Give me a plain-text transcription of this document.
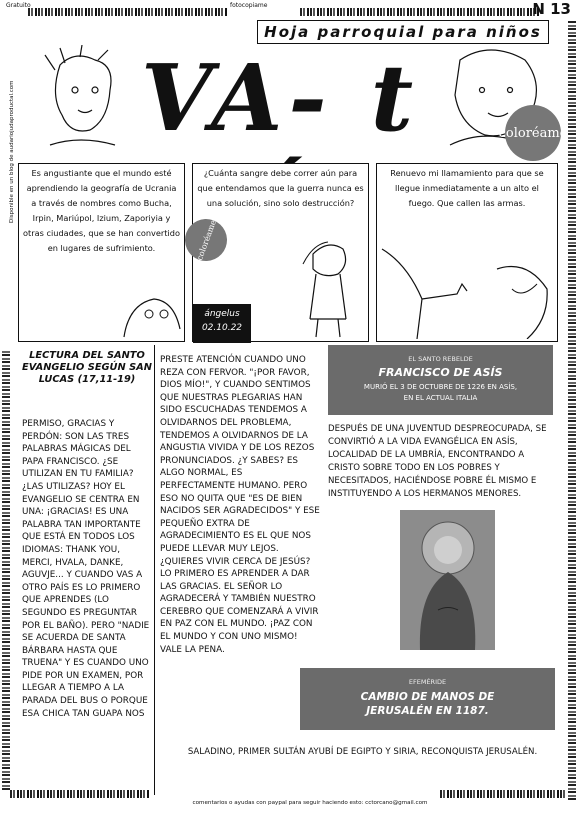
Gratuito	fotocopiame	N 13
Hoja parroquial para niños
Disponible en un blog de audariojudaproductal.com	VA- t	coloréame
Es angustiante que el mundo esté aprendiendo la geografía de Ucrania a través de nombres como Bucha, Irpin, Mariúpol, Izium, Zaporiyia y otras ciudades, que se han convertido en lugares de sufrimiento.
¿Cuánta sangre debe correr aún para que entendamos que la guerra nunca es una solución, sino solo destrucción?
coloréame
ángelus
02.10.22
Renuevo mi llamamiento para que se llegue inmediatamente a un alto el fuego. Que callen las armas.
LECTURA DEL SANTO EVANGELIO SEGÚN SAN LUCAS (17,11-19)
PERMISO, GRACIAS Y PERDÓN: SON LAS TRES PALABRAS MÁGICAS DEL PAPA FRANCISCO. ¿SE UTILIZAN EN TU FAMILIA? ¿LAS UTILIZAS? HOY EL EVANGELIO SE CENTRA EN UNA: ¡GRACIAS! ES UNA PALABRA TAN IMPORTANTE QUE ESTÁ EN TODOS LOS IDIOMAS: THANK YOU, MERCI, HVALA, DANKE, AGUVJE... Y CUANDO VAS A OTRO PAÍS ES LO PRIMERO QUE APRENDES (LO SEGUNDO ES PREGUNTAR POR EL BAÑO). PERO "NADIE SE ACUERDA DE SANTA BÁRBARA HASTA QUE TRUENA" Y ES CUANDO UNO PIDE POR UN EXAMEN, POR LLEGAR A TIEMPO A LA PARADA DEL BUS O PORQUE ESA CHICA TAN GUAPA NOS
PRESTE ATENCIÓN CUANDO UNO REZA CON FERVOR. "¡POR FAVOR, DIOS MÍO!", Y CUANDO SENTIMOS QUE NUESTRAS PLEGARIAS HAN SIDO ESCUCHADAS TENDEMOS A OLVIDARNOS DEL PROBLEMA, TENDEMOS A OLVIDARNOS DE LA ANGUSTIA VIVIDA Y DE LOS REZOS PRONUNCIADOS. ¿Y SABES? ES ALGO NORMAL, ES PERFECTAMENTE HUMANO. PERO ESO NO QUITA QUE "ES DE BIEN NACIDOS SER AGRADECIDOS" Y ESE PEQUEÑO EXTRA DE AGRADECIMIENTO ES EL QUE NOS PUEDE LLEVAR MUY LEJOS. ¿QUIERES VIVIR CERCA DE JESÚS? LO PRIMERO ES APRENDER A DAR LAS GRACIAS. EL SEÑOR LO AGRADECERÁ Y TAMBIÉN NUESTRO CEREBRO QUE COMENZARÁ A VIVIR EN PAZ CON EL MUNDO. ¡PAZ CON EL MUNDO Y CON UNO MISMO! VALE LA PENA.
EL SANTO REBELDE
FRANCISCO DE ASÍS
MURIÓ EL 3 DE OCTUBRE DE 1226 EN ASÍS,
EN EL ACTUAL ITALIA
DESPUÉS DE UNA JUVENTUD DESPREOCUPADA, SE CONVIRTIÓ A LA VIDA EVANGÉLICA EN ASÍS, LOCALIDAD DE LA UMBRÍA, ENCONTRANDO A CRISTO SOBRE TODO EN LOS POBRES Y NECESITADOS, HACIÉNDOSE POBRE ÉL MISMO E INSTITUYENDO A LOS HERMANOS MENORES.
EFEMÉRIDE
CAMBIO DE MANOS DE JERUSALÉN EN 1187.
SALADINO, PRIMER SULTÁN AYUBÍ DE EGIPTO Y SIRIA, RECONQUISTA JERUSALÉN.
comentarios o ayudas con paypal para seguir haciendo esto: cctorcano@gmail.com
